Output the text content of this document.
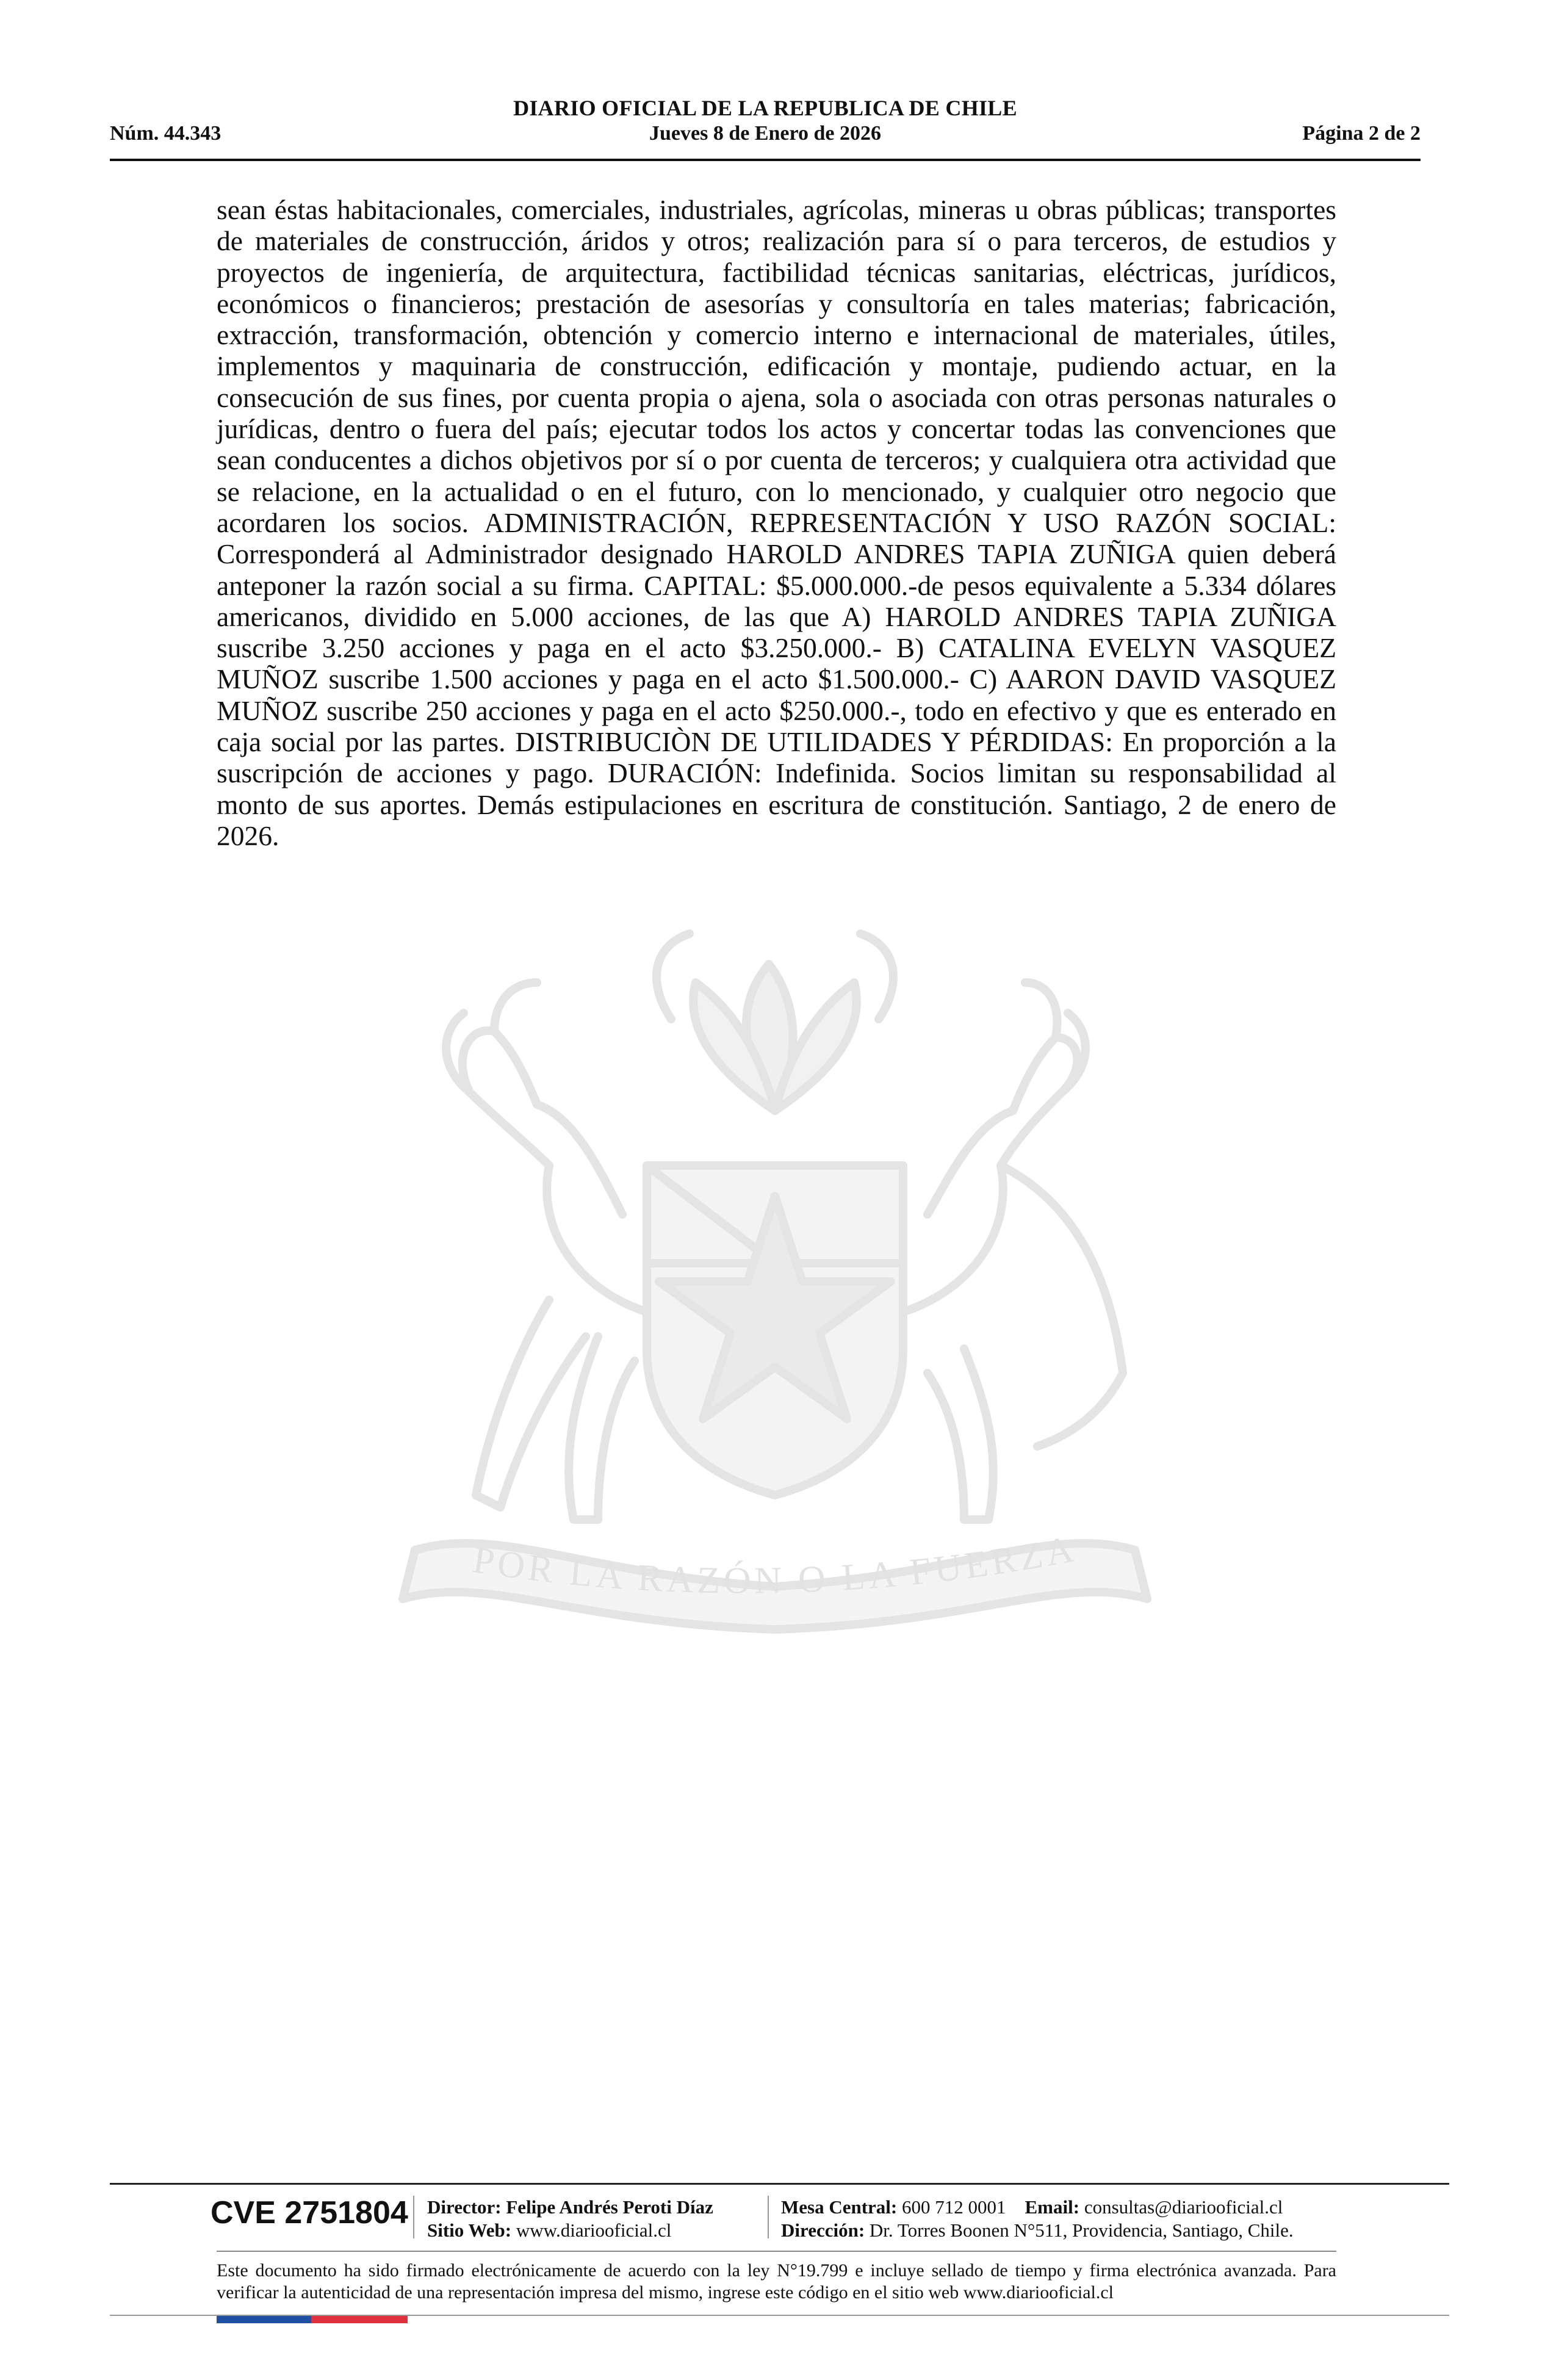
DIARIO OFICIAL DE LA REPUBLICA DE CHILE
Núm. 44.343	Jueves 8 de Enero de 2026	Página 2 de 2
sean éstas habitacionales, comerciales, industriales, agrícolas, mineras u obras públicas; transportes de materiales de construcción, áridos y otros; realización para sí o para terceros, de estudios y proyectos de ingeniería, de arquitectura, factibilidad técnicas sanitarias, eléctricas, jurídicos, económicos o financieros; prestación de asesorías y consultoría en tales materias; fabricación, extracción, transformación, obtención y comercio interno e internacional de materiales, útiles, implementos y maquinaria de construcción, edificación y montaje, pudiendo actuar, en la consecución de sus fines, por cuenta propia o ajena, sola o asociada con otras personas naturales o jurídicas, dentro o fuera del país; ejecutar todos los actos y concertar todas las convenciones que sean conducentes a dichos objetivos por sí o por cuenta de terceros; y cualquiera otra actividad que se relacione, en la actualidad o en el futuro, con lo mencionado, y cualquier otro negocio que acordaren los socios. ADMINISTRACIÓN, REPRESENTACIÓN Y USO RAZÓN SOCIAL: Corresponderá al Administrador designado HAROLD ANDRES TAPIA ZUÑIGA quien deberá anteponer la razón social a su firma. CAPITAL: $5.000.000.-de pesos equivalente a 5.334 dólares americanos, dividido en 5.000 acciones, de las que A) HAROLD ANDRES TAPIA ZUÑIGA suscribe 3.250 acciones y paga en el acto $3.250.000.- B) CATALINA EVELYN VASQUEZ MUÑOZ suscribe 1.500 acciones y paga en el acto $1.500.000.- C) AARON DAVID VASQUEZ MUÑOZ suscribe 250 acciones y paga en el acto $250.000.-, todo en efectivo y que es enterado en caja social por las partes. DISTRIBUCIÒN DE UTILIDADES Y PÉRDIDAS: En proporción a la suscripción de acciones y pago. DURACIÓN: Indefinida. Socios limitan su responsabilidad al monto de sus aportes. Demás estipulaciones en escritura de constitución. Santiago, 2 de enero de 2026.
POR LA RAZÓN O LA FUERZA
CVE 2751804 Director: Felipe Andrés Peroti Díaz
Sitio Web: www.diariooficial.cl
Mesa Central: 600 712 0001 Email: consultas@diariooficial.cl
Dirección: Dr. Torres Boonen N°511, Providencia, Santiago, Chile.
Este documento ha sido firmado electrónicamente de acuerdo con la ley N°19.799 e incluye sellado de tiempo y firma electrónica avanzada. Para verificar la autenticidad de una representación impresa del mismo, ingrese este código en el sitio web www.diariooficial.cl
